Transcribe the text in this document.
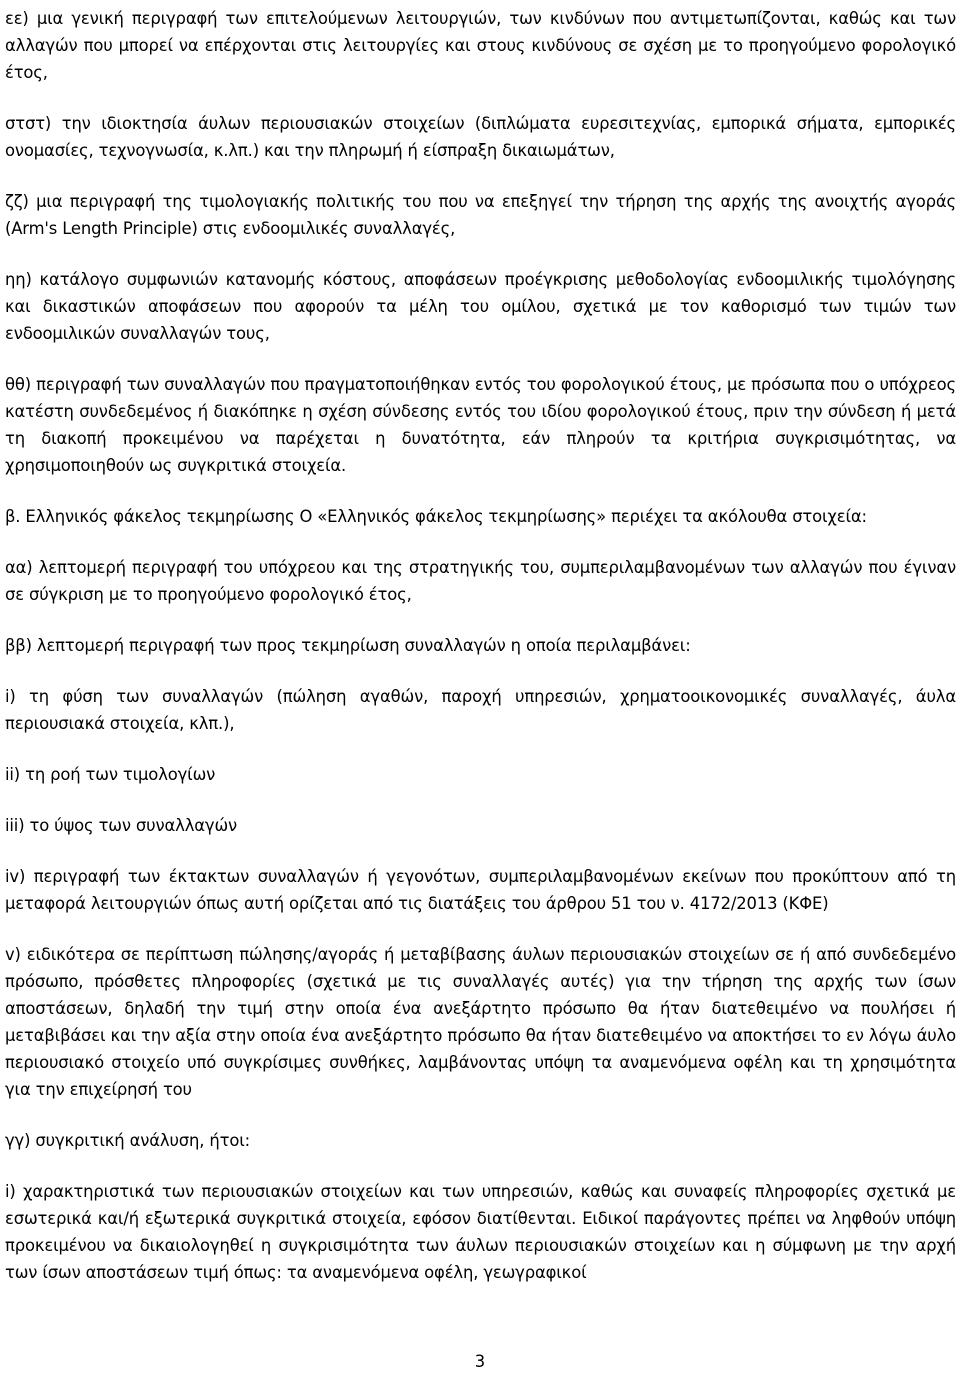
εε) μια γενική περιγραφή των επιτελούμενων λειτουργιών, των κινδύνων που αντιμετωπίζονται, καθώς και των αλλαγών που μπορεί να επέρχονται στις λειτουργίες και στους κινδύνους σε σχέση με το προηγούμενο φορολογικό έτος,

στστ) την ιδιοκτησία άυλων περιουσιακών στοιχείων (διπλώματα ευρεσιτεχνίας, εμπορικά σήματα, εμπορικές ονομασίες, τεχνογνωσία, κ.λπ.) και την πληρωμή ή είσπραξη δικαιωμάτων,

ζζ) μια περιγραφή της τιμολογιακής πολιτικής του που να επεξηγεί την τήρηση της αρχής της ανοιχτής αγοράς (Arm's Length Principle) στις ενδοομιλικές συναλλαγές,

ηη) κατάλογο συμφωνιών κατανομής κόστους, αποφάσεων προέγκρισης μεθοδολογίας ενδοομιλικής τιμολόγησης και δικαστικών αποφάσεων που αφορούν τα μέλη του ομίλου, σχετικά με τον καθορισμό των τιμών των ενδοομιλικών συναλλαγών τους,

θθ) περιγραφή των συναλλαγών που πραγματοποιήθηκαν εντός του φορολογικού έτους, με πρόσωπα που ο υπόχρεος κατέστη συνδεδεμένος ή διακόπηκε η σχέση σύνδεσης εντός του ιδίου φορολογικού έτους, πριν την σύνδεση ή μετά τη διακοπή προκειμένου να παρέχεται η δυνατότητα, εάν πληρούν τα κριτήρια συγκρισιμότητας, να χρησιμοποιηθούν ως συγκριτικά στοιχεία.

β. Ελληνικός φάκελος τεκμηρίωσης Ο «Ελληνικός φάκελος τεκμηρίωσης» περιέχει τα ακόλουθα στοιχεία:

αα) λεπτομερή περιγραφή του υπόχρεου και της στρατηγικής του, συμπεριλαμβανομένων των αλλαγών που έγιναν σε σύγκριση με το προηγούμενο φορολογικό έτος,

ββ) λεπτομερή περιγραφή των προς τεκμηρίωση συναλλαγών η οποία περιλαμβάνει:

i) τη φύση των συναλλαγών (πώληση αγαθών, παροχή υπηρεσιών, χρηματοοικονομικές συναλλαγές, άυλα περιουσιακά στοιχεία, κλπ.),

ii) τη ροή των τιμολογίων

iii) το ύψος των συναλλαγών

iv) περιγραφή των έκτακτων συναλλαγών ή γεγονότων, συμπεριλαμβανομένων εκείνων που προκύπτουν από τη μεταφορά λειτουργιών όπως αυτή ορίζεται από τις διατάξεις του άρθρου 51 του ν. 4172/2013 (ΚΦΕ)

v) ειδικότερα σε περίπτωση πώλησης/αγοράς ή μεταβίβασης άυλων περιουσιακών στοιχείων σε ή από συνδεδεμένο πρόσωπο, πρόσθετες πληροφορίες (σχετικά με τις συναλλαγές αυτές) για την τήρηση της αρχής των ίσων αποστάσεων, δηλαδή την τιμή στην οποία ένα ανεξάρτητο πρόσωπο θα ήταν διατεθειμένο να πουλήσει ή μεταβιβάσει και την αξία στην οποία ένα ανεξάρτητο πρόσωπο θα ήταν διατεθειμένο να αποκτήσει το εν λόγω άυλο περιουσιακό στοιχείο υπό συγκρίσιμες συνθήκες, λαμβάνοντας υπόψη τα αναμενόμενα οφέλη και τη χρησιμότητα για την επιχείρησή του

γγ) συγκριτική ανάλυση, ήτοι:

i) χαρακτηριστικά των περιουσιακών στοιχείων και των υπηρεσιών, καθώς και συναφείς πληροφορίες σχετικά με εσωτερικά και/ή εξωτερικά συγκριτικά στοιχεία, εφόσον διατίθενται. Ειδικοί παράγοντες πρέπει να ληφθούν υπόψη προκειμένου να δικαιολογηθεί η συγκρισιμότητα των άυλων περιουσιακών στοιχείων και η σύμφωνη με την αρχή των ίσων αποστάσεων τιμή όπως: τα αναμενόμενα οφέλη, γεωγραφικοί

3
